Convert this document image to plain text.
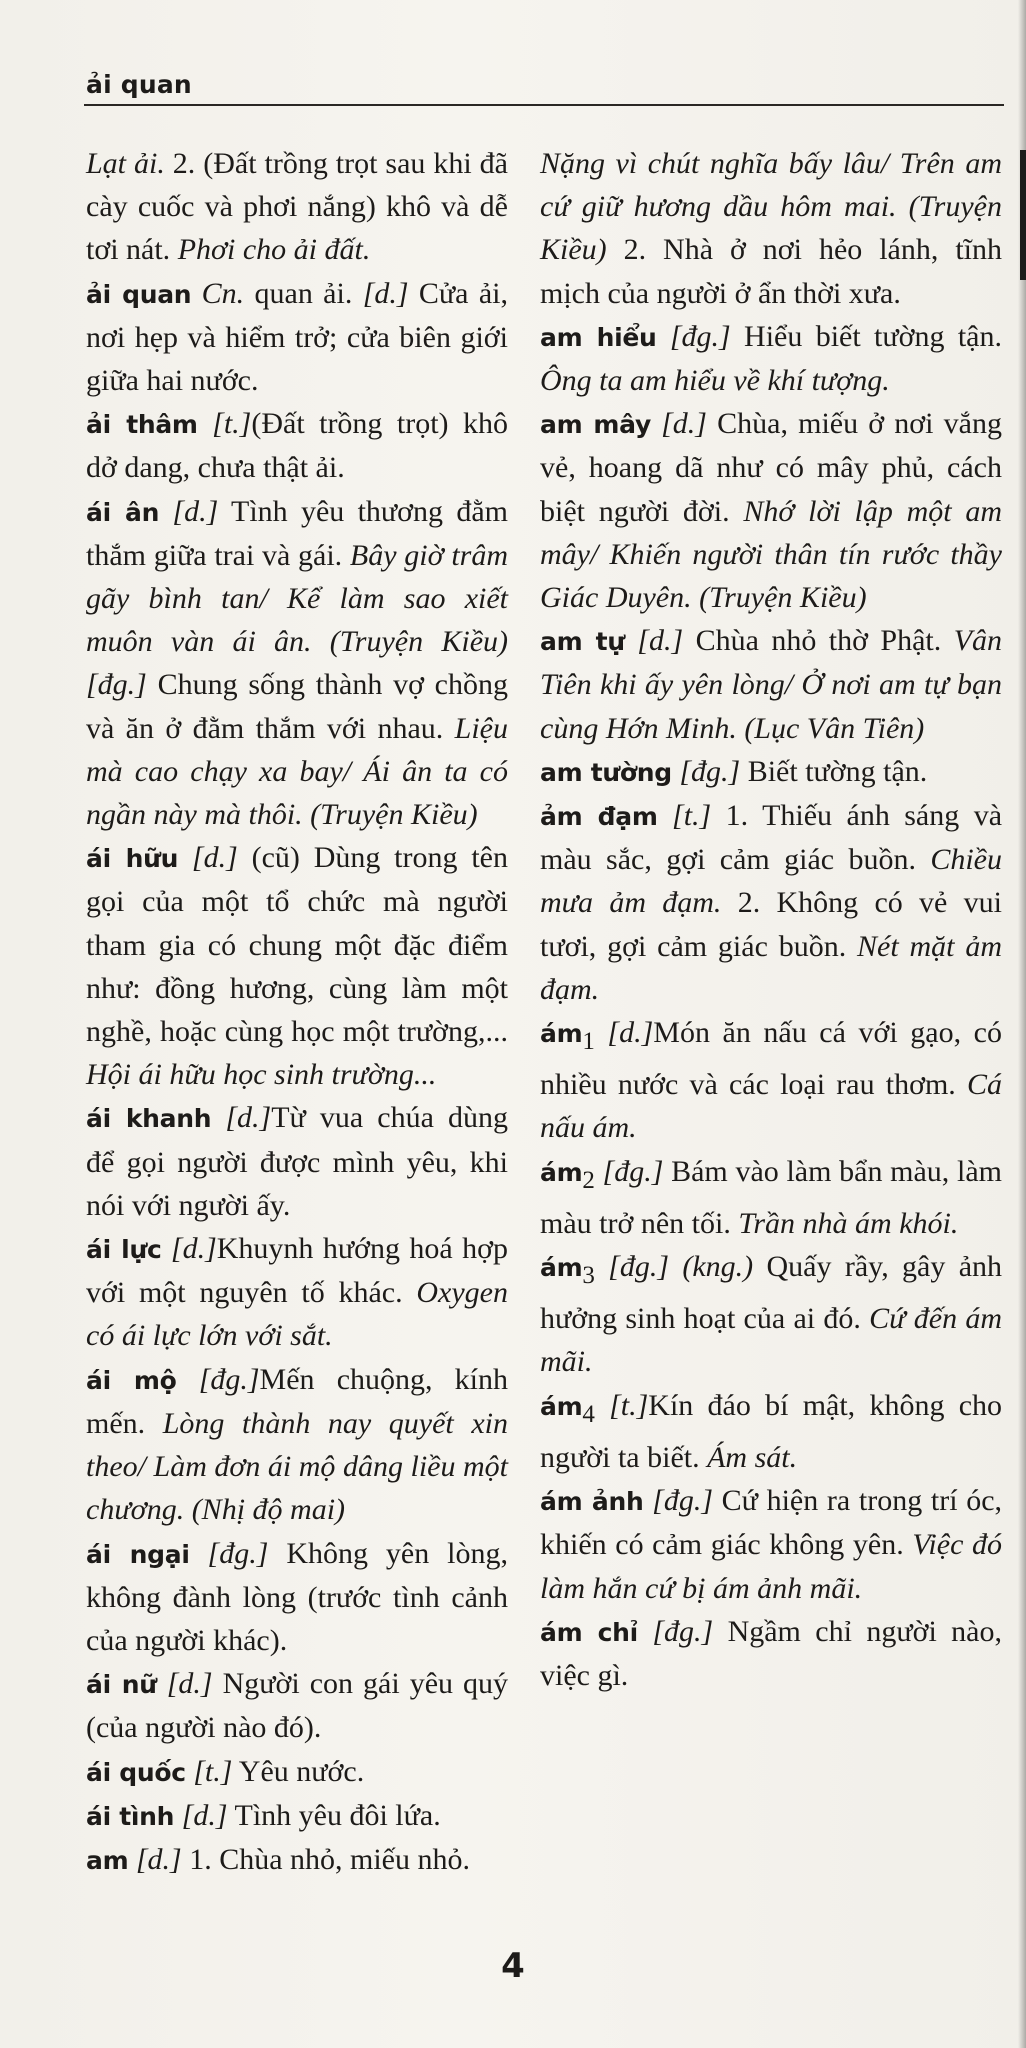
ải quan

Lạt ải. 2. (Đất trồng trọt sau khi đã cày cuốc và phơi nắng) khô và dễ tơi nát. Phơi cho ải đất.

ải quan Cn. quan ải. [d.] Cửa ải, nơi hẹp và hiểm trở; cửa biên giới giữa hai nước.

ải thâm [t.](Đất trồng trọt) khô dở dang, chưa thật ải.

ái ân [d.] Tình yêu thương đằm thắm giữa trai và gái. Bây giờ trâm gãy bình tan/ Kể làm sao xiết muôn vàn ái ân. (Truyện Kiều) [đg.] Chung sống thành vợ chồng và ăn ở đằm thắm với nhau. Liệu mà cao chạy xa bay/ Ái ân ta có ngần này mà thôi. (Truyện Kiều)

ái hữu [d.] (cũ) Dùng trong tên gọi của một tổ chức mà người tham gia có chung một đặc điểm như: đồng hương, cùng làm một nghề, hoặc cùng học một trường,... Hội ái hữu học sinh trường...

ái khanh [d.]Từ vua chúa dùng để gọi người được mình yêu, khi nói với người ấy.

ái lực [d.]Khuynh hướng hoá hợp với một nguyên tố khác. Oxygen có ái lực lớn với sắt.

ái mộ [đg.]Mến chuộng, kính mến. Lòng thành nay quyết xin theo/ Làm đơn ái mộ dâng liều một chương. (Nhị độ mai)

ái ngại [đg.] Không yên lòng, không đành lòng (trước tình cảnh của người khác).

ái nữ [d.] Người con gái yêu quý (của người nào đó).

ái quốc [t.] Yêu nước.

ái tình [d.] Tình yêu đôi lứa.

am [d.] 1. Chùa nhỏ, miếu nhỏ.

Nặng vì chút nghĩa bấy lâu/ Trên am cứ giữ hương dầu hôm mai. (Truyện Kiều) 2. Nhà ở nơi hẻo lánh, tĩnh mịch của người ở ẩn thời xưa.

am hiểu [đg.] Hiểu biết tường tận. Ông ta am hiểu về khí tượng.

am mây [d.] Chùa, miếu ở nơi vắng vẻ, hoang dã như có mây phủ, cách biệt người đời. Nhớ lời lập một am mây/ Khiến người thân tín rước thầy Giác Duyên. (Truyện Kiều)

am tự [d.] Chùa nhỏ thờ Phật. Vân Tiên khi ấy yên lòng/ Ở nơi am tự bạn cùng Hớn Minh. (Lục Vân Tiên)

am tường [đg.] Biết tường tận.

ảm đạm [t.] 1. Thiếu ánh sáng và màu sắc, gợi cảm giác buồn. Chiều mưa ảm đạm. 2. Không có vẻ vui tươi, gợi cảm giác buồn. Nét mặt ảm đạm.

$ám_1$ [d.]Món ăn nấu cá với gạo, có nhiều nước và các loại rau thơm. Cá nấu ám.

$ám_2$ [đg.] Bám vào làm bẩn màu, làm màu trở nên tối. Trần nhà ám khói.

$ám_3$ [đg.] (kng.) Quấy rầy, gây ảnh hưởng sinh hoạt của ai đó. Cứ đến ám mãi.

$ám_4$ [t.]Kín đáo bí mật, không cho người ta biết. Ám sát.

ám ảnh [đg.] Cứ hiện ra trong trí óc, khiến có cảm giác không yên. Việc đó làm hắn cứ bị ám ảnh mãi.

ám chỉ [đg.] Ngầm chỉ người nào, việc gì.

4
